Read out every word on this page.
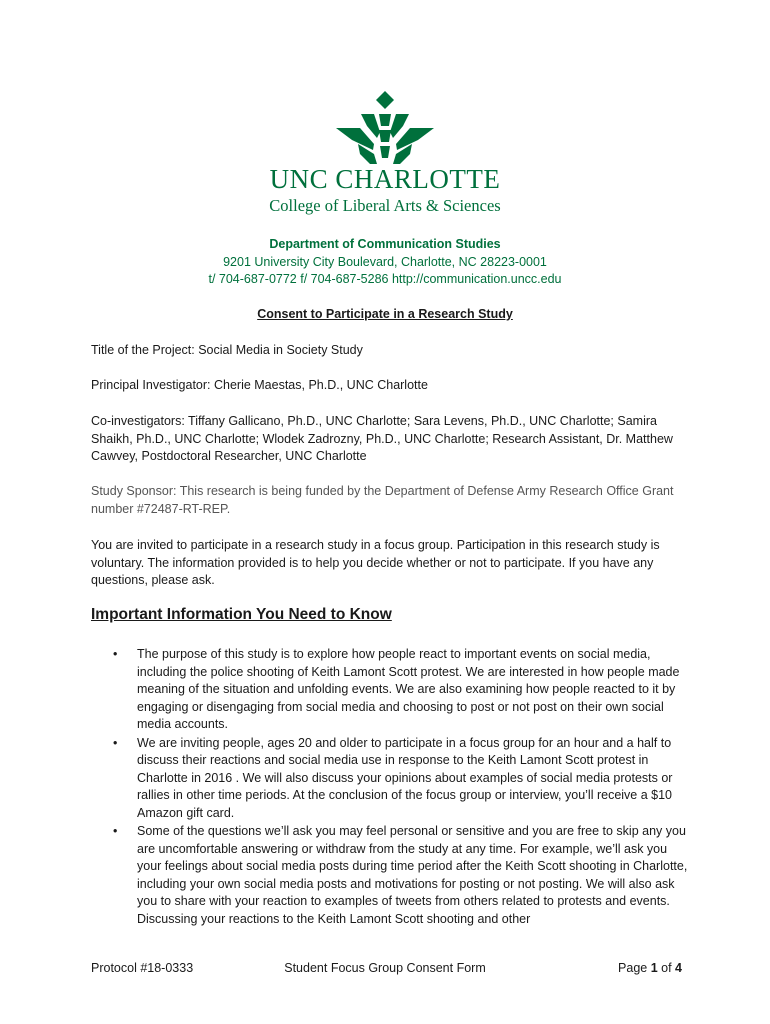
UNC CHARLOTTE
College of Liberal Arts & Sciences
Department of Communication Studies
9201 University City Boulevard, Charlotte, NC 28223-0001
t/ 704-687-0772 f/ 704-687-5286 http://communication.uncc.edu
Consent to Participate in a Research Study
Title of the Project: Social Media in Society Study
Principal Investigator: Cherie Maestas, Ph.D., UNC Charlotte
Co-investigators: Tiffany Gallicano, Ph.D., UNC Charlotte; Sara Levens, Ph.D., UNC Charlotte; Samira Shaikh, Ph.D., UNC Charlotte; Wlodek Zadrozny, Ph.D., UNC Charlotte; Research Assistant, Dr. Matthew Cawvey, Postdoctoral Researcher, UNC Charlotte
Study Sponsor: This research is being funded by the Department of Defense Army Research Office Grant number #72487-RT-REP.
You are invited to participate in a research study in a focus group. Participation in this research study is voluntary. The information provided is to help you decide whether or not to participate. If you have any questions, please ask.
Important Information You Need to Know
• The purpose of this study is to explore how people react to important events on social media, including the police shooting of Keith Lamont Scott protest. We are interested in how people made meaning of the situation and unfolding events. We are also examining how people reacted to it by engaging or disengaging from social media and choosing to post or not post on their own social media accounts.
• We are inviting people, ages 20 and older to participate in a focus group for an hour and a half to discuss their reactions and social media use in response to the Keith Lamont Scott protest in Charlotte in 2016 . We will also discuss your opinions about examples of social media protests or rallies in other time periods. At the conclusion of the focus group or interview, you’ll receive a $10 Amazon gift card.
• Some of the questions we’ll ask you may feel personal or sensitive and you are free to skip any you are uncomfortable answering or withdraw from the study at any time. For example, we’ll ask you your feelings about social media posts during time period after the Keith Scott shooting in Charlotte, including your own social media posts and motivations for posting or not posting. We will also ask you to share with your reaction to examples of tweets from others related to protests and events. Discussing your reactions to the Keith Lamont Scott shooting and other
Protocol #18-0333	Student Focus Group Consent Form	Page 1 of 4
